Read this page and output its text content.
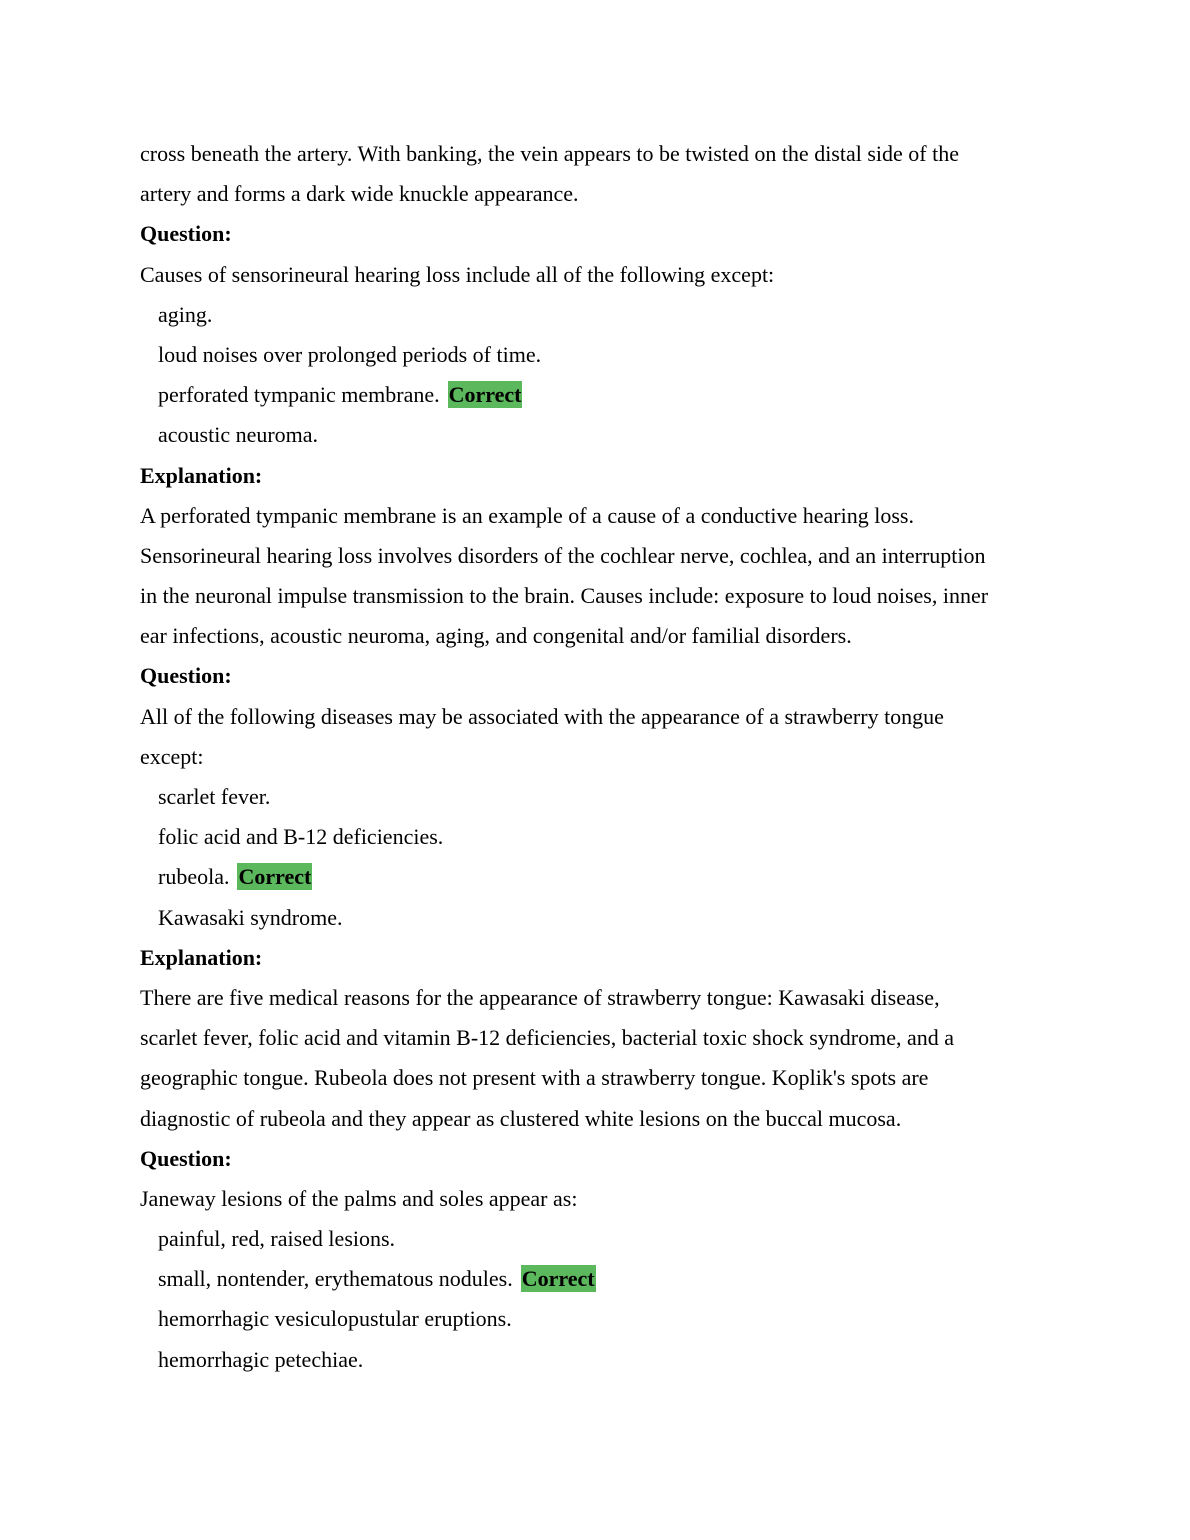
cross beneath the artery. With banking, the vein appears to be twisted on the distal side of the
artery and forms a dark wide knuckle appearance.
Question:
Causes of sensorineural hearing loss include all of the following except:
aging.
loud noises over prolonged periods of time.
perforated tympanic membrane. Correct
acoustic neuroma.
Explanation:
A perforated tympanic membrane is an example of a cause of a conductive hearing loss.
Sensorineural hearing loss involves disorders of the cochlear nerve, cochlea, and an interruption
in the neuronal impulse transmission to the brain. Causes include: exposure to loud noises, inner
ear infections, acoustic neuroma, aging, and congenital and/or familial disorders.
Question:
All of the following diseases may be associated with the appearance of a strawberry tongue
except:
scarlet fever.
folic acid and B-12 deficiencies.
rubeola. Correct
Kawasaki syndrome.
Explanation:
There are five medical reasons for the appearance of strawberry tongue: Kawasaki disease,
scarlet fever, folic acid and vitamin B-12 deficiencies, bacterial toxic shock syndrome, and a
geographic tongue. Rubeola does not present with a strawberry tongue. Koplik's spots are
diagnostic of rubeola and they appear as clustered white lesions on the buccal mucosa.
Question:
Janeway lesions of the palms and soles appear as:
painful, red, raised lesions.
small, nontender, erythematous nodules. Correct
hemorrhagic vesiculopustular eruptions.
hemorrhagic petechiae.
